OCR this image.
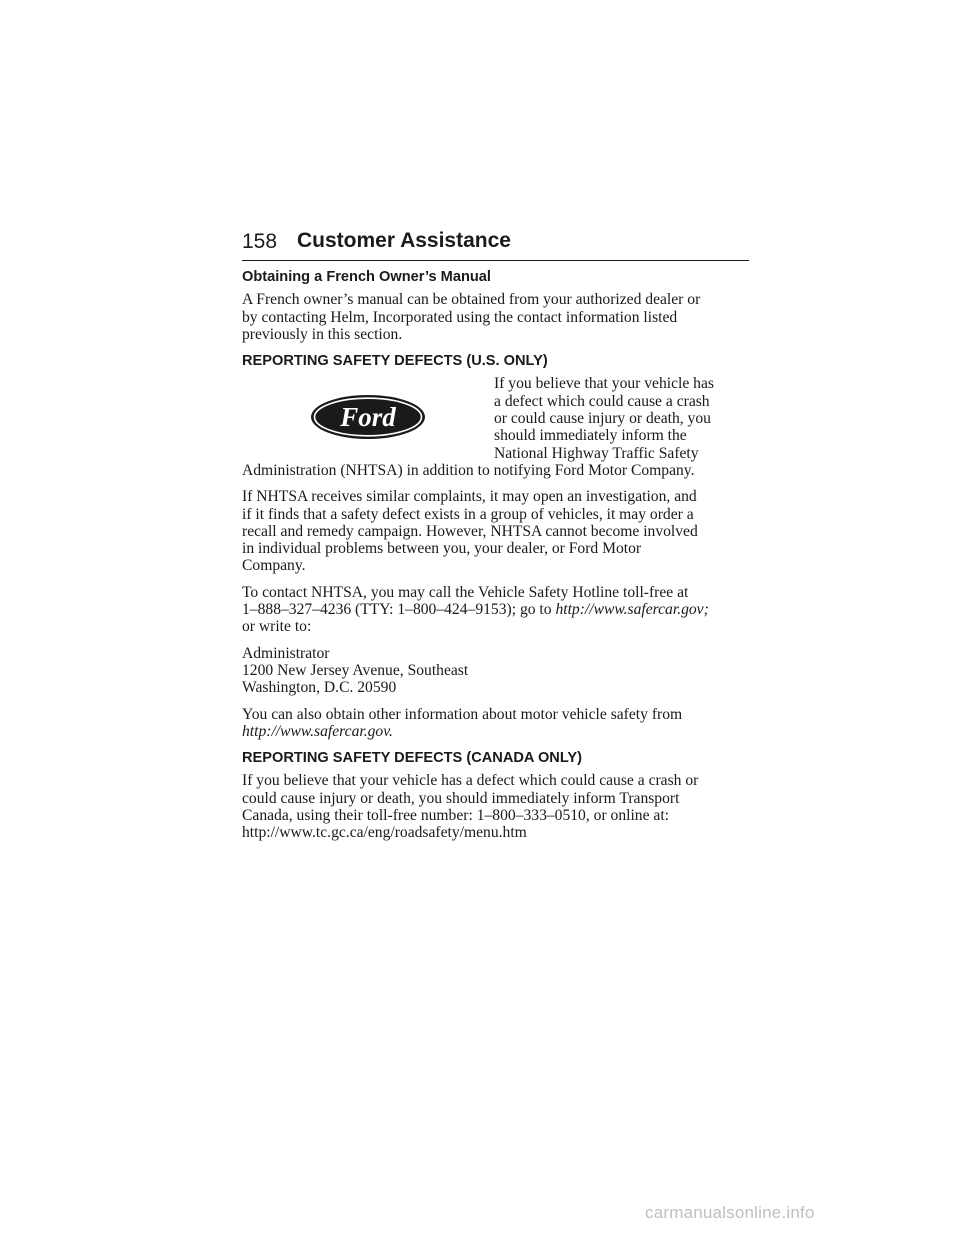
158 Customer Assistance
Obtaining a French Owner’s Manual

A French owner’s manual can be obtained from your authorized dealer or
by contacting Helm, Incorporated using the contact information listed
previously in this section.

REPORTING SAFETY DEFECTS (U.S. ONLY)
Ford

If you believe that your vehicle has
a defect which could cause a crash
or could cause injury or death, you
should immediately inform the
National Highway Traffic Safety
Administration (NHTSA) in addition to notifying Ford Motor Company.

If NHTSA receives similar complaints, it may open an investigation, and
if it finds that a safety defect exists in a group of vehicles, it may order a
recall and remedy campaign. However, NHTSA cannot become involved
in individual problems between you, your dealer, or Ford Motor
Company.

To contact NHTSA, you may call the Vehicle Safety Hotline toll-free at
1–888–327–4236 (TTY: 1–800–424–9153); go to http://www.safercar.gov;
or write to:

Administrator
1200 New Jersey Avenue, Southeast
Washington, D.C. 20590

You can also obtain other information about motor vehicle safety from
http://www.safercar.gov.

REPORTING SAFETY DEFECTS (CANADA ONLY)

If you believe that your vehicle has a defect which could cause a crash or
could cause injury or death, you should immediately inform Transport
Canada, using their toll-free number: 1–800–333–0510, or online at:
http://www.tc.gc.ca/eng/roadsafety/menu.htm

carmanualsonline.info
